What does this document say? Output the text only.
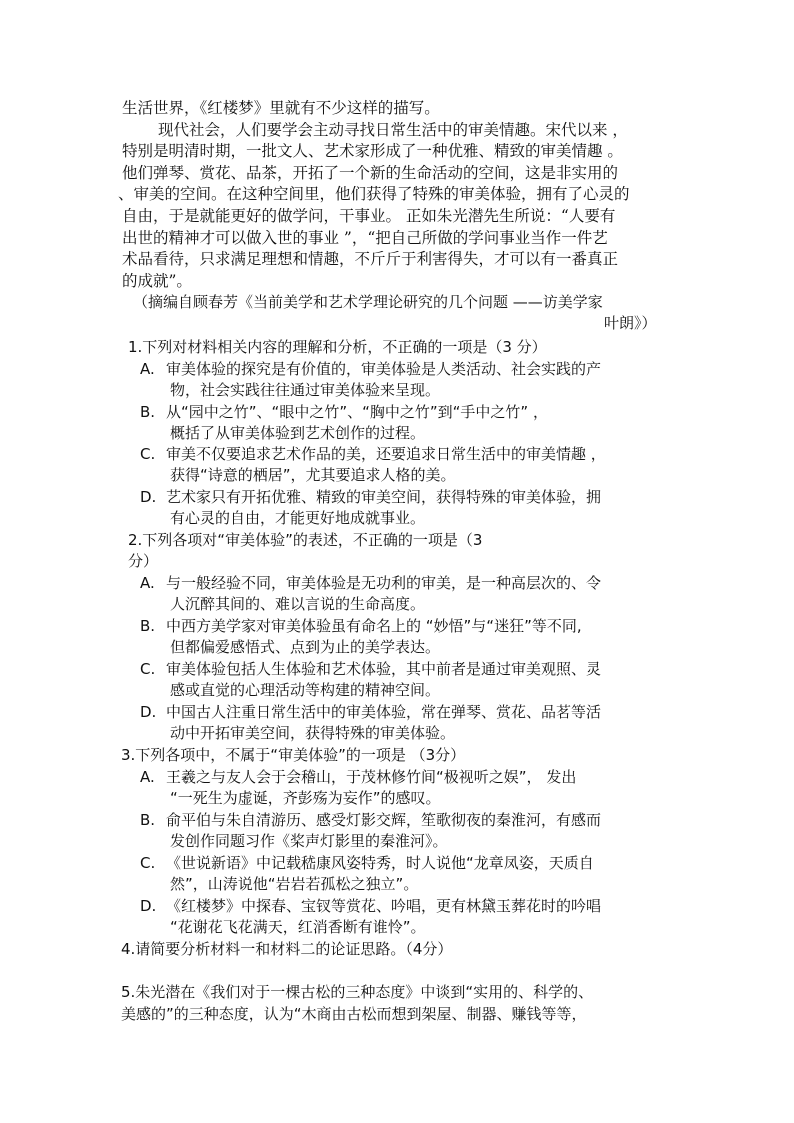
生活世界，《红楼梦》里就有不少这样的描写。
现代社会，人们要学会主动寻找日常生活中的审美情趣。宋代以来 ，
特别是明清时期，一批文人、艺术家形成了一种优雅、精致的审美情趣 。
他们弹琴、赏花、品茶，开拓了一个新的生命活动的空间，这是非实用的
、审美的空间。在这种空间里，他们获得了特殊的审美体验，拥有了心灵的
自由，于是就能更好的做学问，干事业。 正如朱光潜先生所说：“人要有
出世的精神才可以做入世的事业 ”，“把自己所做的学问事业当作一件艺
术品看待，只求满足理想和情趣，不斤斤于利害得失，才可以有一番真正
的成就”。
（摘编自顾春芳《当前美学和艺术学理论研究的几个问题 ——访美学家
叶朗》）
1.下列对材料相关内容的理解和分析，不正确的一项是（3 分）
A. 审美体验的探究是有价值的，审美体验是人类活动、社会实践的产
物，社会实践往往通过审美体验来呈现。
B. 从“园中之竹”、“眼中之竹”、“胸中之竹”到“手中之竹” ，
概括了从审美体验到艺术创作的过程。
C. 审美不仅要追求艺术作品的美，还要追求日常生活中的审美情趣 ，
获得“诗意的栖居”，尤其要追求人格的美。
D. 艺术家只有开拓优雅、精致的审美空间，获得特殊的审美体验，拥
有心灵的自由，才能更好地成就事业。
2.下列各项对“审美体验”的表述，不正确的一项是（3
分）
A. 与一般经验不同，审美体验是无功利的审美，是一种高层次的、令
人沉醉其间的、难以言说的生命高度。
B. 中西方美学家对审美体验虽有命名上的 “妙悟”与“迷狂”等不同,
但都偏爱感悟式、点到为止的美学表达。
C. 审美体验包括人生体验和艺术体验，其中前者是通过审美观照、灵
感或直觉的心理活动等构建的精神空间。
D. 中国古人注重日常生活中的审美体验，常在弹琴、赏花、品茗等活
动中开拓审美空间，获得特殊的审美体验。
3.下列各项中，不属于“审美体验”的一项是 （3分）
A. 王羲之与友人会于会稽山，于茂林修竹间“极视听之娱”， 发出
“一死生为虚诞，齐彭殇为妄作”的感叹。
B. 俞平伯与朱自清游历、感受灯影交辉，笙歌彻夜的秦淮河，有感而
发创作同题习作《桨声灯影里的秦淮河》。
C. 《世说新语》中记载嵇康风姿特秀，时人说他“龙章凤姿，天质自
然”，山涛说他“岩岩若孤松之独立”。
D. 《红楼梦》中探春、宝钗等赏花、吟唱，更有林黛玉葬花时的吟唱
“花谢花飞花满天，红消香断有谁怜”。
4.请简要分析材料一和材料二的论证思路。（4分）
5.朱光潜在《我们对于一棵古松的三种态度》中谈到“实用的、科学的、
美感的”的三种态度，认为“木商由古松而想到架屋、制器、赚钱等等，
